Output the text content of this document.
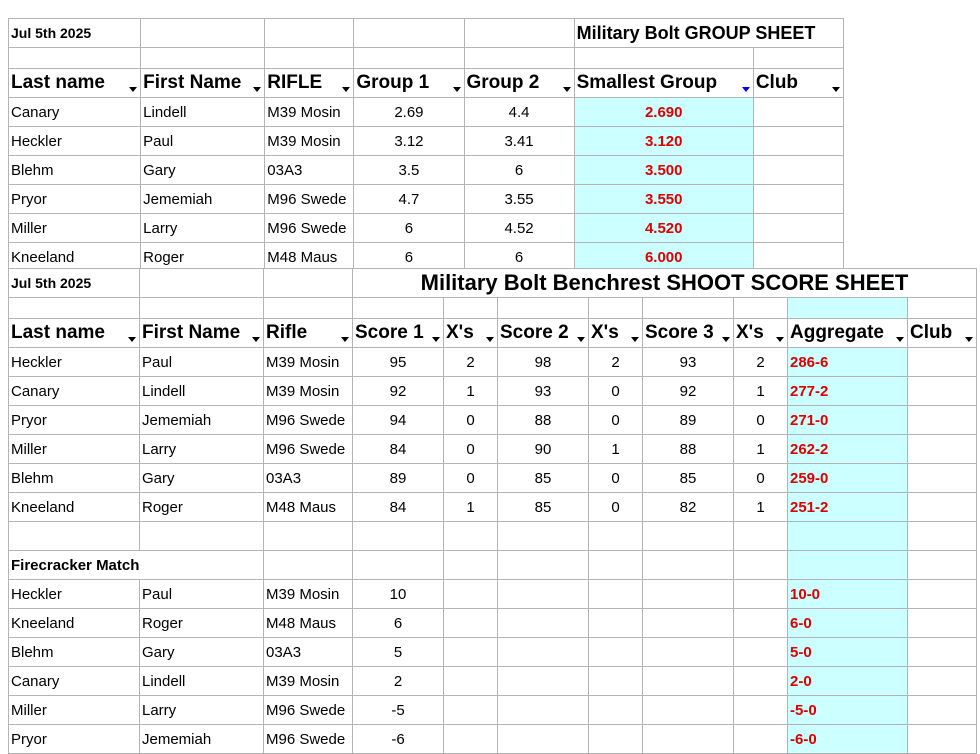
Jul 5th 2025					Military Bolt GROUP SHEET	

Last name	First Name	RIFLE	Group 1	Group 2	Smallest Group	Club

Canary	Lindell	M39 Mosin	2.69	4.4	2.690	
Heckler	Paul	M39 Mosin	3.12	3.41	3.120	
Blehm	Gary	03A3	3.5	6	3.500	
Pryor	Jememiah	M96 Swede	4.7	3.55	3.550	
Miller	Larry	M96 Swede	6	4.52	4.520	
Kneeland	Roger	M48 Maus	6	6	6.000	
Jul 5th 2025			Military Bolt Benchrest SHOOT SCORE SHEET							

Last name	First Name	Rifle	Score 1	X's	Score 2	X's	Score 3	X's	Aggregate	Club

Heckler	Paul	M39 Mosin	95	2	98	2	93	2	286-6	
Canary	Lindell	M39 Mosin	92	1	93	0	92	1	277-2	
Pryor	Jememiah	M96 Swede	94	0	88	0	89	0	271-0	
Miller	Larry	M96 Swede	84	0	90	1	88	1	262-2	
Blehm	Gary	03A3	89	0	85	0	85	0	259-0	
Kneeland	Roger	M48 Maus	84	1	85	0	82	1	251-2	

Firecracker Match										
Heckler	Paul	M39 Mosin	10						10-0	
Kneeland	Roger	M48 Maus	6						6-0	
Blehm	Gary	03A3	5						5-0	
Canary	Lindell	M39 Mosin	2						2-0	
Miller	Larry	M96 Swede	-5						-5-0	
Pryor	Jememiah	M96 Swede	-6						-6-0	
